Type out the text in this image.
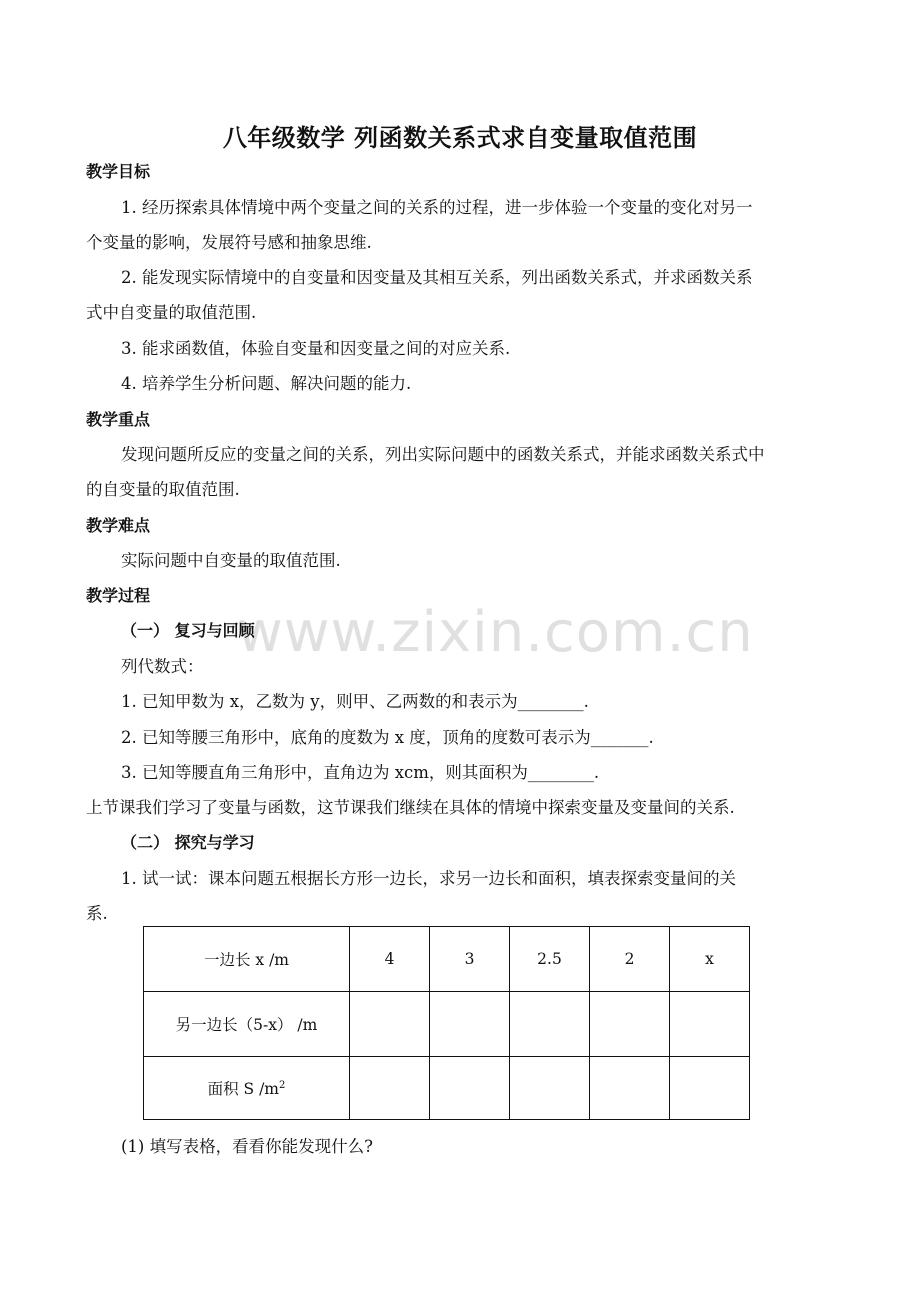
www.zixin.com.cn
八年级数学 列函数关系式求自变量取值范围
教学目标
1. 经历探索具体情境中两个变量之间的关系的过程，进一步体验一个变量的变化对另一
个变量的影响，发展符号感和抽象思维.
2. 能发现实际情境中的自变量和因变量及其相互关系，列出函数关系式，并求函数关系
式中自变量的取值范围.
3. 能求函数值，体验自变量和因变量之间的对应关系.
4. 培养学生分析问题、解决问题的能力.
教学重点
发现问题所反应的变量之间的关系，列出实际问题中的函数关系式，并能求函数关系式中
的自变量的取值范围.
教学难点
实际问题中自变量的取值范围.
教学过程
（一） 复习与回顾
列代数式：
1. 已知甲数为 x，乙数为 y，则甲、乙两数的和表示为________.
2. 已知等腰三角形中，底角的度数为 x 度，顶角的度数可表示为_______.
3. 已知等腰直角三角形中，直角边为 xcm，则其面积为________.
上节课我们学习了变量与函数，这节课我们继续在具体的情境中探索变量及变量间的关系.
（二） 探究与学习
1. 试一试：课本问题五根据长方形一边长，求另一边长和面积，填表探索变量间的关
系.
一边长 x /m	4	3	2.5	2	x
另一边长（5-x） /m					
面积 S $/m^2$					
(1) 填写表格，看看你能发现什么?
